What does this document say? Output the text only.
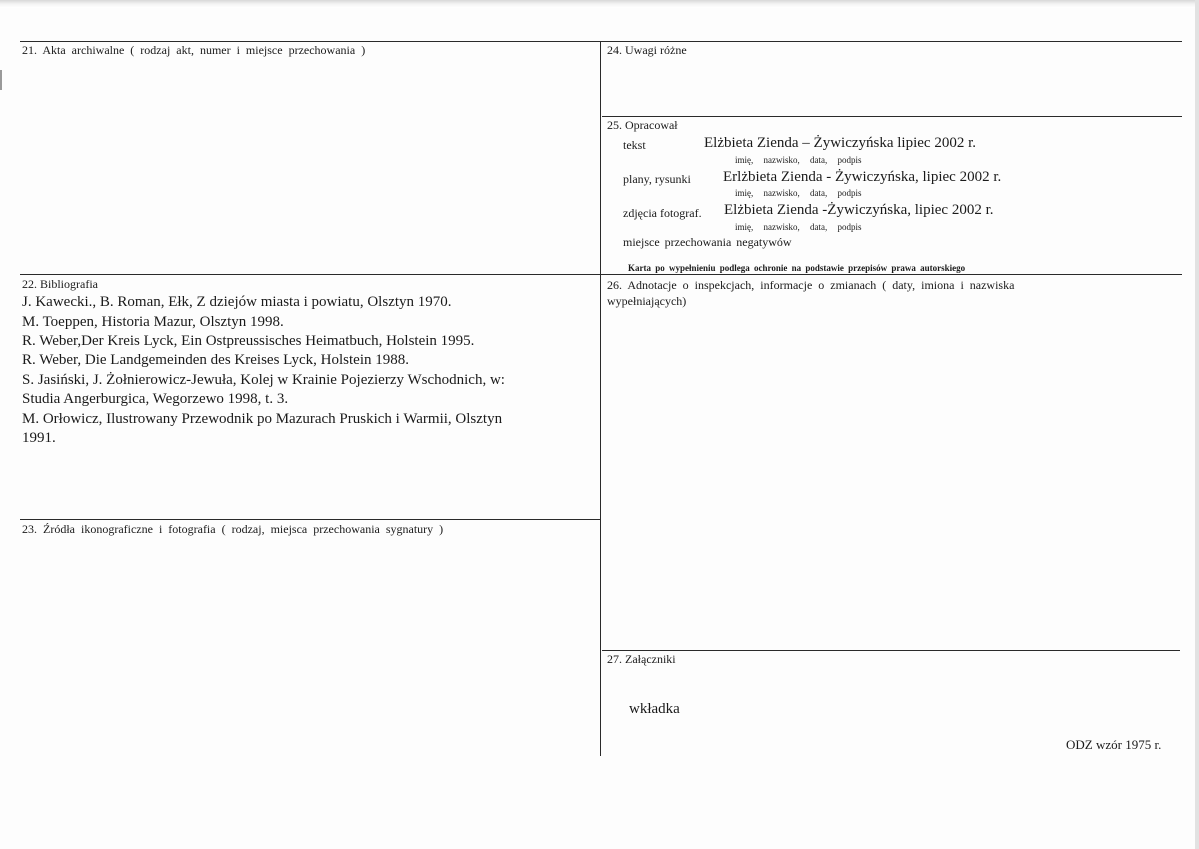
21. Akta archiwalne ( rodzaj akt, numer i miejsce przechowania )	24. Uwagi różne
25. Opracował
tekst	Elżbieta Zienda – Żywiczyńska lipiec 2002 r.
imię, nazwisko, data, podpis
plany, rysunki Erlżbieta Zienda - Żywiczyńska, lipiec 2002 r.
imię, nazwisko, data, podpis
zdjęcia fotograf. Elżbieta Zienda -Żywiczyńska, lipiec 2002 r.
imię, nazwisko, data, podpis
miejsce przechowania negatywów
Karta po wypełnieniu podlega ochronie na podstawie przepisów prawa autorskiego
22. Bibliografia
J. Kawecki., B. Roman, Ełk, Z dziejów miasta i powiatu, Olsztyn 1970.
M. Toeppen, Historia Mazur, Olsztyn 1998.
R. Weber,Der Kreis Lyck, Ein Ostpreussisches Heimatbuch, Holstein 1995.
R. Weber, Die Landgemeinden des Kreises Lyck, Holstein 1988.
S. Jasiński, J. Żołnierowicz-Jewuła, Kolej w Krainie Pojezierzy Wschodnich, w:
Studia Angerburgica, Wegorzewo 1998, t. 3.
M. Orłowicz, Ilustrowany Przewodnik po Mazurach Pruskich i Warmii, Olsztyn
1991.
26. Adnotacje o inspekcjach, informacje o zmianach ( daty, imiona i nazwiska
wypełniających)
23. Źródła ikonograficzne i fotografia ( rodzaj, miejsca przechowania sygnatury )
27. Załączniki
wkładka
ODZ wzór 1975 r.
